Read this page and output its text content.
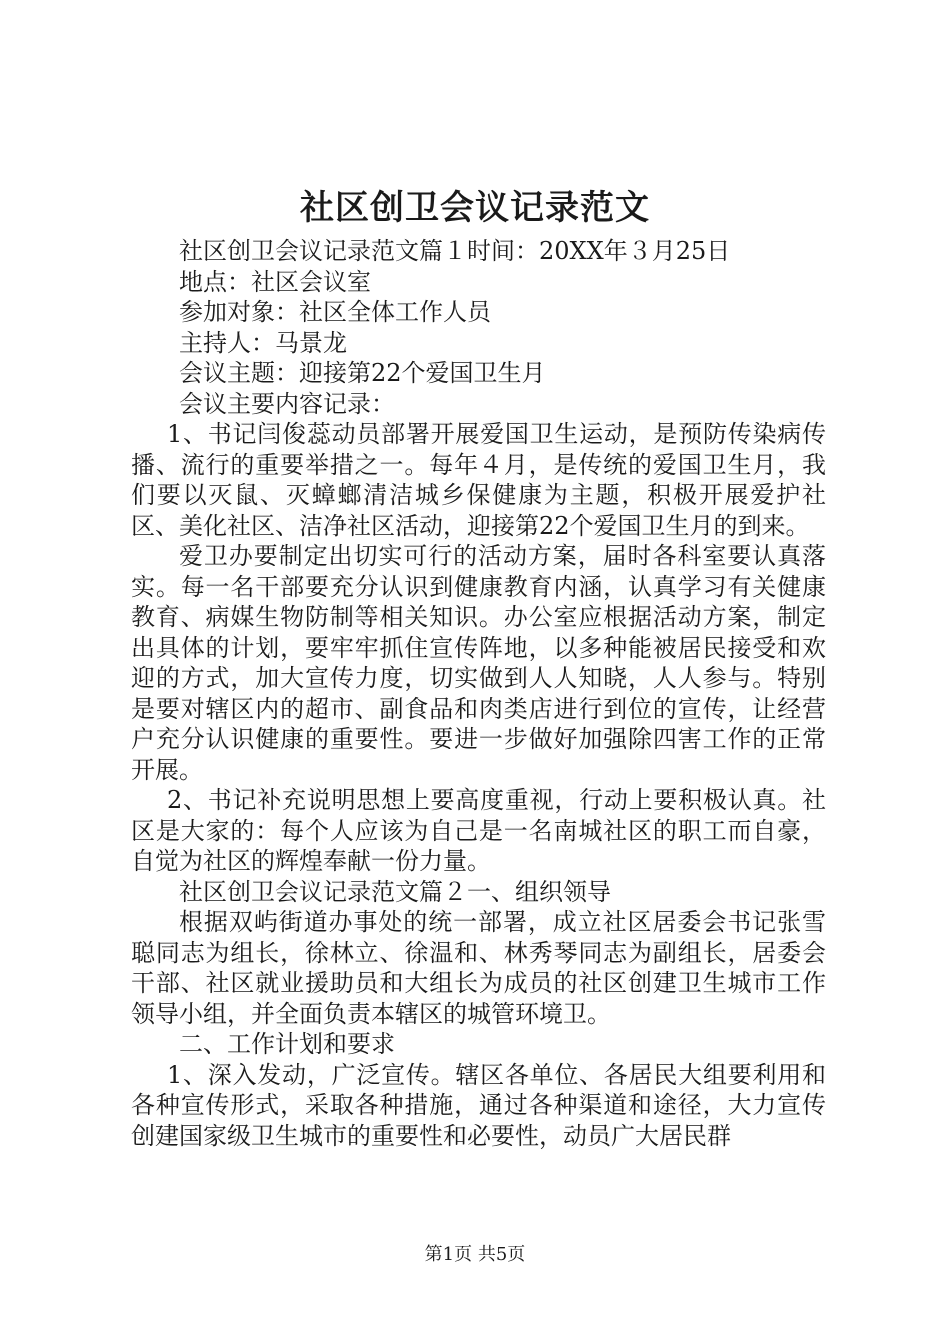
社区创卫会议记录范文

社区创卫会议记录范文篇１时间：20XX年３月25日

地点：社区会议室

参加对象：社区全体工作人员

主持人：马景龙

会议主题：迎接第22个爱国卫生月

会议主要内容记录：

1、书记闫俊蕊动员部署开展爱国卫生运动，是预防传染病传播、流行的重要举措之一。每年４月，是传统的爱国卫生月，我们要以灭鼠、灭蟑螂清洁城乡保健康为主题，积极开展爱护社区、美化社区、洁净社区活动，迎接第22个爱国卫生月的到来。

爱卫办要制定出切实可行的活动方案，届时各科室要认真落实。每一名干部要充分认识到健康教育内涵，认真学习有关健康教育、病媒生物防制等相关知识。办公室应根据活动方案，制定出具体的计划，要牢牢抓住宣传阵地，以多种能被居民接受和欢迎的方式，加大宣传力度，切实做到人人知晓，人人参与。特别是要对辖区内的超市、副食品和肉类店进行到位的宣传，让经营户充分认识健康的重要性。要进一步做好加强除四害工作的正常开展。

2、书记补充说明思想上要高度重视，行动上要积极认真。社区是大家的：每个人应该为自己是一名南城社区的职工而自豪，自觉为社区的辉煌奉献一份力量。

社区创卫会议记录范文篇２一、组织领导

根据双屿街道办事处的统一部署，成立社区居委会书记张雪聪同志为组长，徐林立、徐温和、林秀琴同志为副组长，居委会干部、社区就业援助员和大组长为成员的社区创建卫生城市工作领导小组，并全面负责本辖区的城管环境卫。

二、工作计划和要求

1、深入发动，广泛宣传。辖区各单位、各居民大组要利用和各种宣传形式，采取各种措施，通过各种渠道和途径，大力宣传创建国家级卫生城市的重要性和必要性，动员广大居民群

第1页 共5页
